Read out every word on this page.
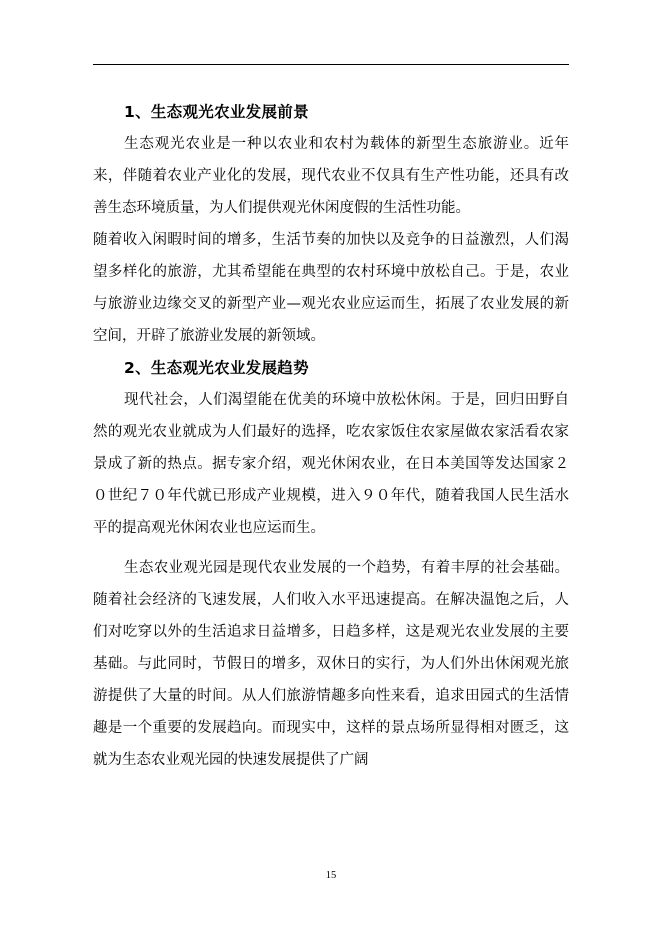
1、生态观光农业发展前景

生态观光农业是一种以农业和农村为载体的新型生态旅游业。近年来，伴随着农业产业化的发展，现代农业不仅具有生产性功能，还具有改善生态环境质量，为人们提供观光休闲度假的生活性功能。

随着收入闲暇时间的增多，生活节奏的加快以及竞争的日益激烈，人们渴望多样化的旅游，尤其希望能在典型的农村环境中放松自己。于是，农业与旅游业边缘交叉的新型产业—观光农业应运而生，拓展了农业发展的新空间，开辟了旅游业发展的新领域。

2、生态观光农业发展趋势

现代社会，人们渴望能在优美的环境中放松休闲。于是，回归田野自然的观光农业就成为人们最好的选择，吃农家饭住农家屋做农家活看农家景成了新的热点。据专家介绍，观光休闲农业，在日本美国等发达国家２０世纪７０年代就已形成产业规模，进入９０年代，随着我国人民生活水平的提高观光休闲农业也应运而生。

生态农业观光园是现代农业发展的一个趋势，有着丰厚的社会基础。随着社会经济的飞速发展，人们收入水平迅速提高。在解决温饱之后，人们对吃穿以外的生活追求日益增多，日趋多样，这是观光农业发展的主要基础。与此同时，节假日的增多，双休日的实行，为人们外出休闲观光旅游提供了大量的时间。从人们旅游情趣多向性来看，追求田园式的生活情趣是一个重要的发展趋向。而现实中，这样的景点场所显得相对匮乏，这就为生态农业观光园的快速发展提供了广阔

15
